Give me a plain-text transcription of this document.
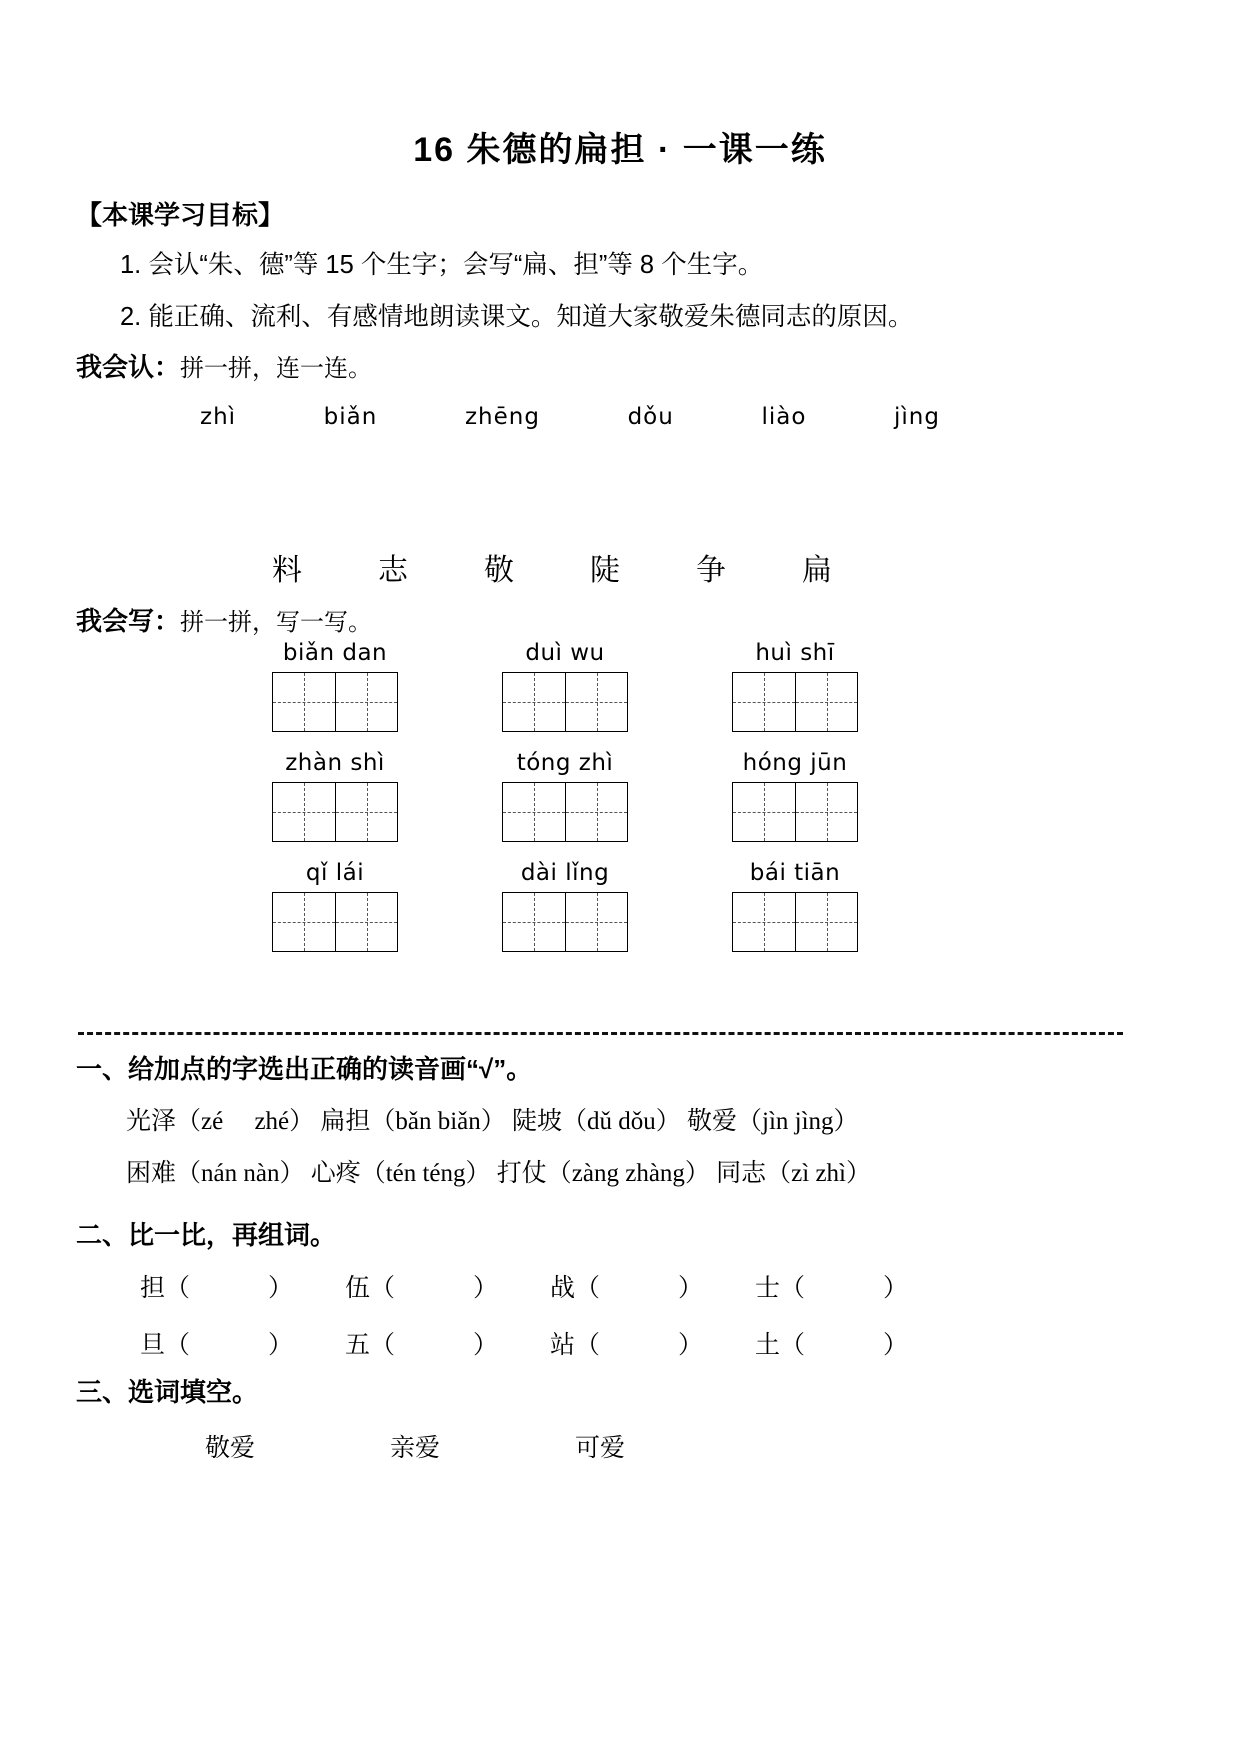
16 朱德的扁担 · 一课一练
【本课学习目标】
1. 会认“朱、德”等 15 个生字；会写“扁、担”等 8 个生字。
2. 能正确、流利、有感情地朗读课文。知道大家敬爱朱德同志的原因。
我会认：拼一拼，连一连。
zhì	biǎn	zhēng	dǒu	liào	jìng
料	志	敬	陡	争	扁
我会写：拼一拼，写一写。
biǎn dan	duì wu	huì shī
zhàn shì	tóng zhì	hóng jūn
qǐ lái	dài lǐng	bái tiān
一、给加点的字选出正确的读音画“√”。
光泽（zé　 zhé） 扁担（bǎn biǎn） 陡坡（dǔ dǒu） 敬爱（jìn jìng）
困难（nán nàn） 心疼（tén téng） 打仗（zàng zhàng） 同志（zì zhì）
二、比一比，再组词。
担（	）	伍（	）	战（	）	士（	）
旦（	）	五（	）	站（	）	土（	）
三、选词填空。
敬爱	亲爱	可爱
